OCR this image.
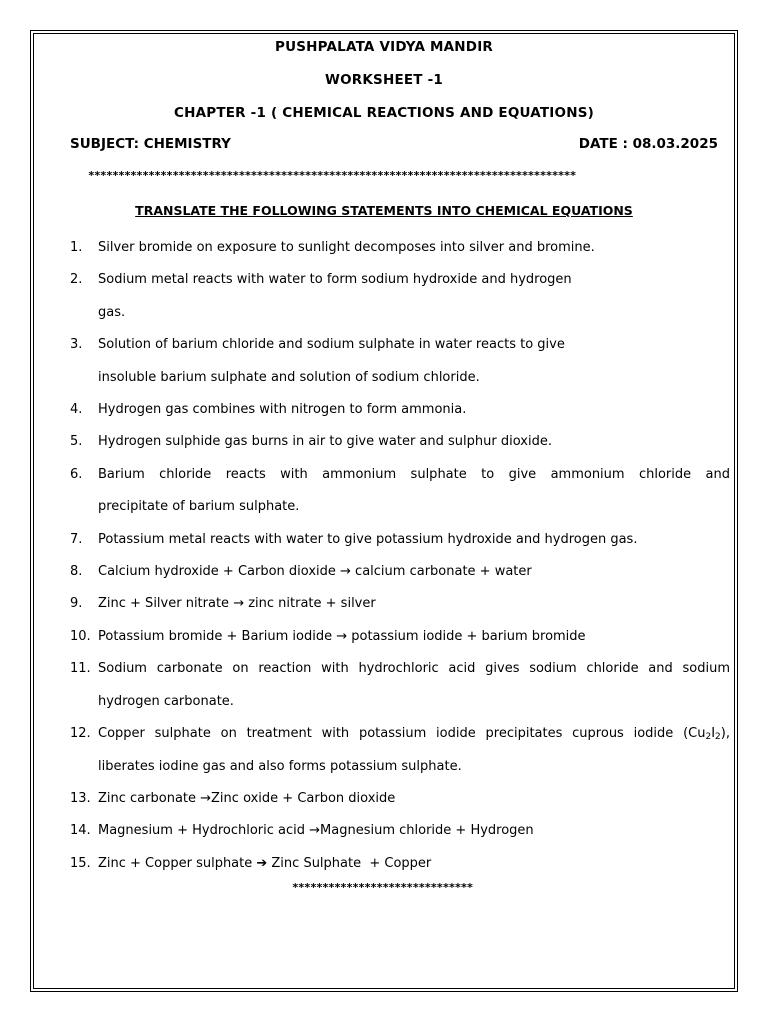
PUSHPALATA VIDYA MANDIR
WORKSHEET -1
CHAPTER -1 ( CHEMICAL REACTIONS AND EQUATIONS)
SUBJECT: CHEMISTRY	DATE : 08.03.2025
*********************************************************************************
TRANSLATE THE FOLLOWING STATEMENTS INTO CHEMICAL EQUATIONS
1.	Silver bromide on exposure to sunlight decomposes into silver and bromine.
2.	Sodium metal reacts with water to form sodium hydroxide and hydrogen
gas.
3.	Solution of barium chloride and sodium sulphate in water reacts to give
insoluble barium sulphate and solution of sodium chloride.
4.	Hydrogen gas combines with nitrogen to form ammonia.
5.	Hydrogen sulphide gas burns in air to give water and sulphur dioxide.
6.	Barium chloride reacts with ammonium sulphate to give ammonium chloride and
precipitate of barium sulphate.
7.	Potassium metal reacts with water to give potassium hydroxide and hydrogen gas.
8.	Calcium hydroxide + Carbon dioxide → calcium carbonate + water
9.	Zinc + Silver nitrate → zinc nitrate + silver
10. Potassium bromide + Barium iodide → potassium iodide + barium bromide
11. Sodium carbonate on reaction with hydrochloric acid gives sodium chloride and sodium
hydrogen carbonate.
12. Copper sulphate on treatment with potassium iodide precipitates cuprous iodide $(Cu_2I_2)$,
liberates iodine gas and also forms potassium sulphate.
13. Zinc carbonate →Zinc oxide + Carbon dioxide
14. Magnesium + Hydrochloric acid →Magnesium chloride + Hydrogen
15. Zinc + Copper sulphate ➔ Zinc Sulphate  + Copper
******************************
